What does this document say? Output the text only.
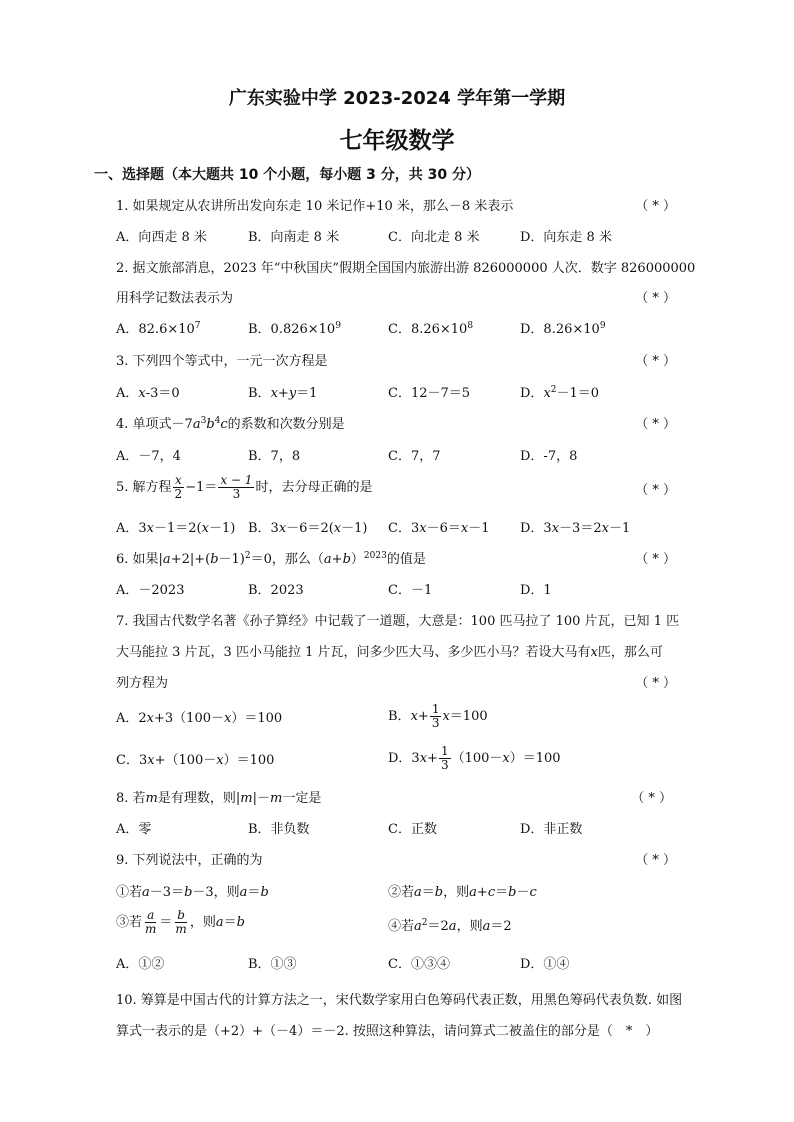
广东实验中学 2023-2024 学年第一学期
七年级数学
一、选择题（本大题共 10 个小题，每小题 3 分，共 30 分）
1. 如果规定从农讲所出发向东走 10 米记作+10 米，那么－8 米表示	（ * ）
A．向西走 8 米	B．向南走 8 米	C．向北走 8 米	D．向东走 8 米
2. 据文旅部消息，2023 年“中秋国庆”假期全国国内旅游出游 826000000 人次．数字 826000000
用科学记数法表示为	（ * ）
A．$82.6\times 10^7$	B．$0.826\times 10^9$	C．$8.26\times 10^8$	D．$8.26\times 10^9$
3. 下列四个等式中，一元一次方程是	（ * ）
A．x-3＝0	B．x+y＝1	C．12－7＝5	D．$x^2-1=0$
4. 单项式$-7a^3b^4c$的系数和次数分别是	（ * ）
A．－7，4	B．7，8	C．7，7	D．-7，8
5. 解方程 $\frac{x}{2} -1= \frac{x - 1}{3}$ 时，去分母正确的是	（ * ）
A．3x－1＝2(x－1) B．3x－6＝2(x－1) C．3x－6＝x－1 D．3x－3＝2x－1
6. 如果$|a+2|+(b-1)^2=0$，那么$(a+b)^{2023}$的值是	（ * ）
A．－2023	B．2023	C．－1	D．1
7. 我国古代数学名著《孙子算经》中记载了一道题，大意是：100 匹马拉了 100 片瓦，已知 1 匹
大马能拉 3 片瓦，3 匹小马能拉 1 片瓦，问多少匹大马、多少匹小马？若设大马有x匹，那么可
列方程为	（ * ）
A．2x+3（100－x）＝100	B． $x + \frac{1}{3}$ x ＝100
C．3x+（100－x）＝100	D．3 $x + \frac{1}{3} (100- x$ ）＝100
8. 若m是有理数，则|m|－m一定是	（ * ）
A．零	B．非负数	C．正数	D．非正数
9. 下列说法中，正确的为	（ * ）
①若a－3＝b－3，则a＝b	②若a＝b，则a+c＝b－c
③若 $\frac{a}{m} = \frac{b}{m}$ ，则 a ＝ b	④若$a^2=2a$，则a＝2
A．①②	B．①③	C．①③④	D．①④
10. 筹算是中国古代的计算方法之一，宋代数学家用白色筹码代表正数，用黑色筹码代表负数. 如图
算式一表示的是（+2）+（－4）＝－2. 按照这种算法，请问算式二被盖住的部分是（　*　）
